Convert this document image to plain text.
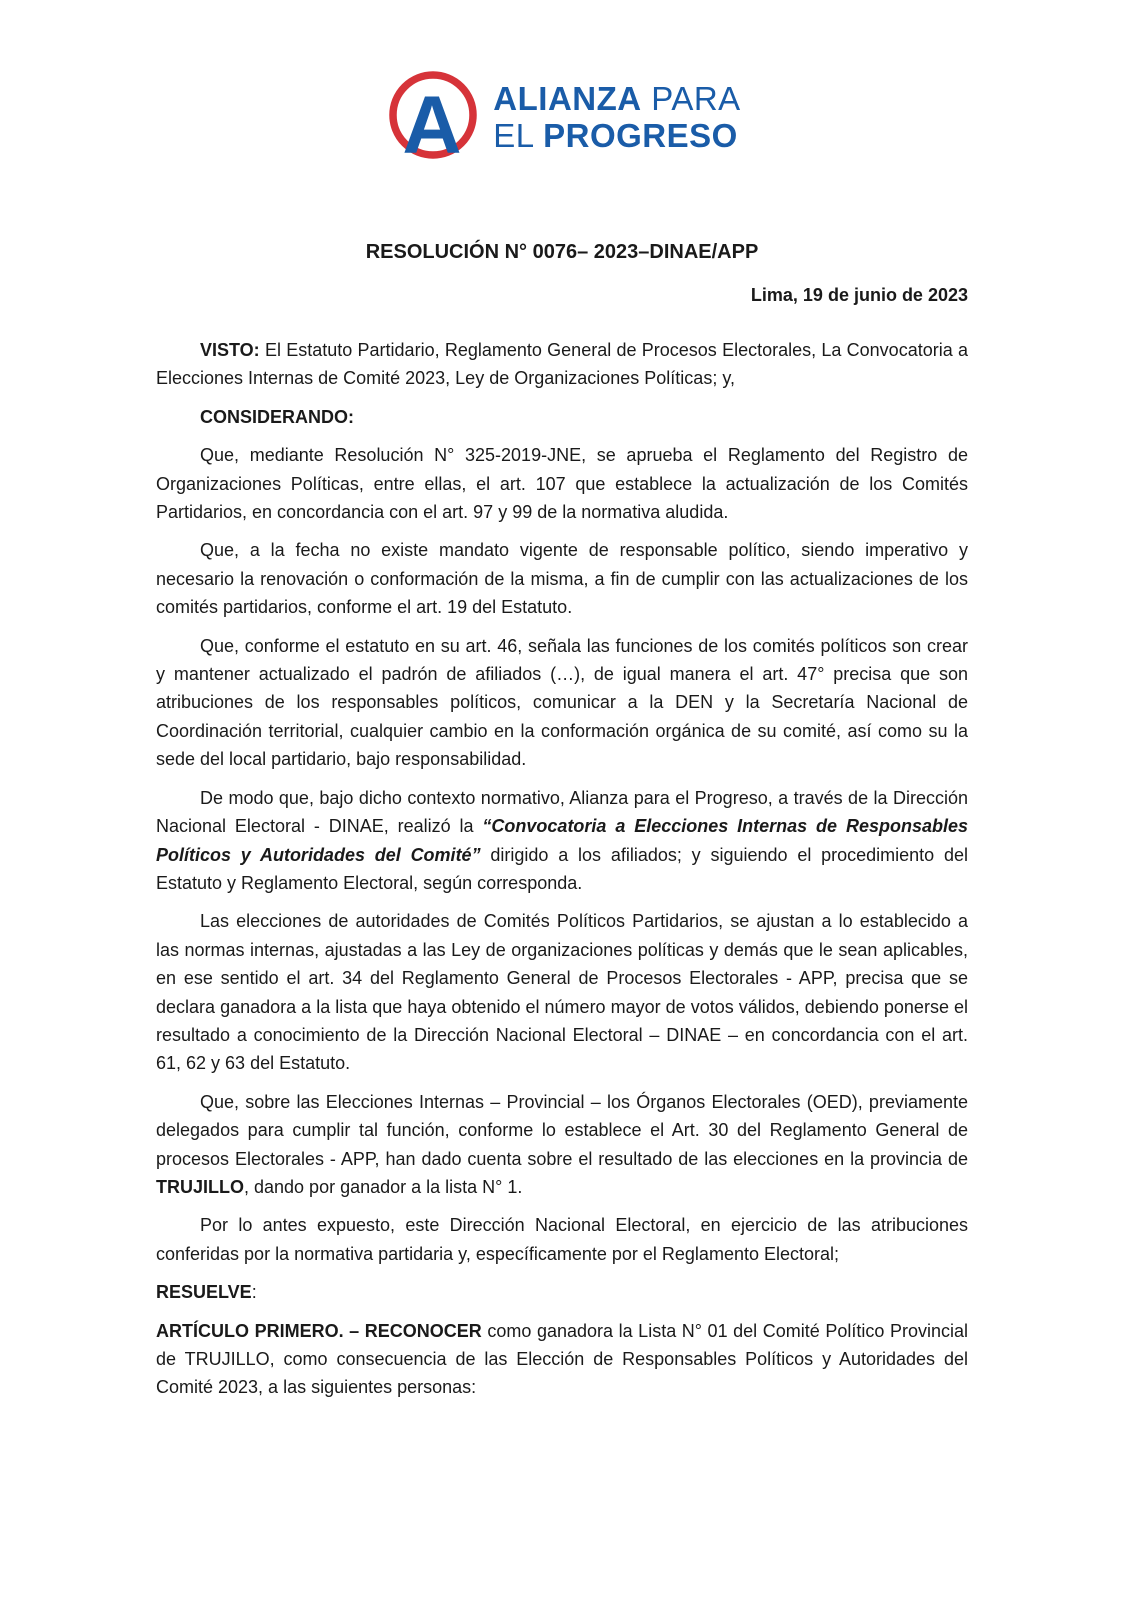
A ALIANZA PARA
EL PROGRESO
RESOLUCIÓN N° 0076– 2023–DINAE/APP
Lima, 19 de junio de 2023

VISTO: El Estatuto Partidario, Reglamento General de Procesos Electorales, La Convocatoria a Elecciones Internas de Comité 2023, Ley de Organizaciones Políticas; y,

CONSIDERANDO:

Que, mediante Resolución N° 325-2019-JNE, se aprueba el Reglamento del Registro de Organizaciones Políticas, entre ellas, el art. 107 que establece la actualización de los Comités Partidarios, en concordancia con el art. 97 y 99 de la normativa aludida.

Que, a la fecha no existe mandato vigente de responsable político, siendo imperativo y necesario la renovación o conformación de la misma, a fin de cumplir con las actualizaciones de los comités partidarios, conforme el art. 19 del Estatuto.

Que, conforme el estatuto en su art. 46, señala las funciones de los comités políticos son crear y mantener actualizado el padrón de afiliados (…), de igual manera el art. 47° precisa que son atribuciones de los responsables políticos, comunicar a la DEN y la Secretaría Nacional de Coordinación territorial, cualquier cambio en la conformación orgánica de su comité, así como su la sede del local partidario, bajo responsabilidad.

De modo que, bajo dicho contexto normativo, Alianza para el Progreso, a través de la Dirección Nacional Electoral - DINAE, realizó la “Convocatoria a Elecciones Internas de Responsables Políticos y Autoridades del Comité” dirigido a los afiliados; y siguiendo el procedimiento del Estatuto y Reglamento Electoral, según corresponda.

Las elecciones de autoridades de Comités Políticos Partidarios, se ajustan a lo establecido a las normas internas, ajustadas a las Ley de organizaciones políticas y demás que le sean aplicables, en ese sentido el art. 34 del Reglamento General de Procesos Electorales - APP, precisa que se declara ganadora a la lista que haya obtenido el número mayor de votos válidos, debiendo ponerse el resultado a conocimiento de la Dirección Nacional Electoral – DINAE – en concordancia con el art. 61, 62 y 63 del Estatuto.

Que, sobre las Elecciones Internas – Provincial – los Órganos Electorales (OED), previamente delegados para cumplir tal función, conforme lo establece el Art. 30 del Reglamento General de procesos Electorales - APP, han dado cuenta sobre el resultado de las elecciones en la provincia de TRUJILLO, dando por ganador a la lista N° 1.

Por lo antes expuesto, este Dirección Nacional Electoral, en ejercicio de las atribuciones conferidas por la normativa partidaria y, específicamente por el Reglamento Electoral;

RESUELVE:

ARTÍCULO PRIMERO. – RECONOCER como ganadora la Lista N° 01 del Comité Político Provincial de TRUJILLO, como consecuencia de las Elección de Responsables Políticos y Autoridades del Comité 2023, a las siguientes personas:
